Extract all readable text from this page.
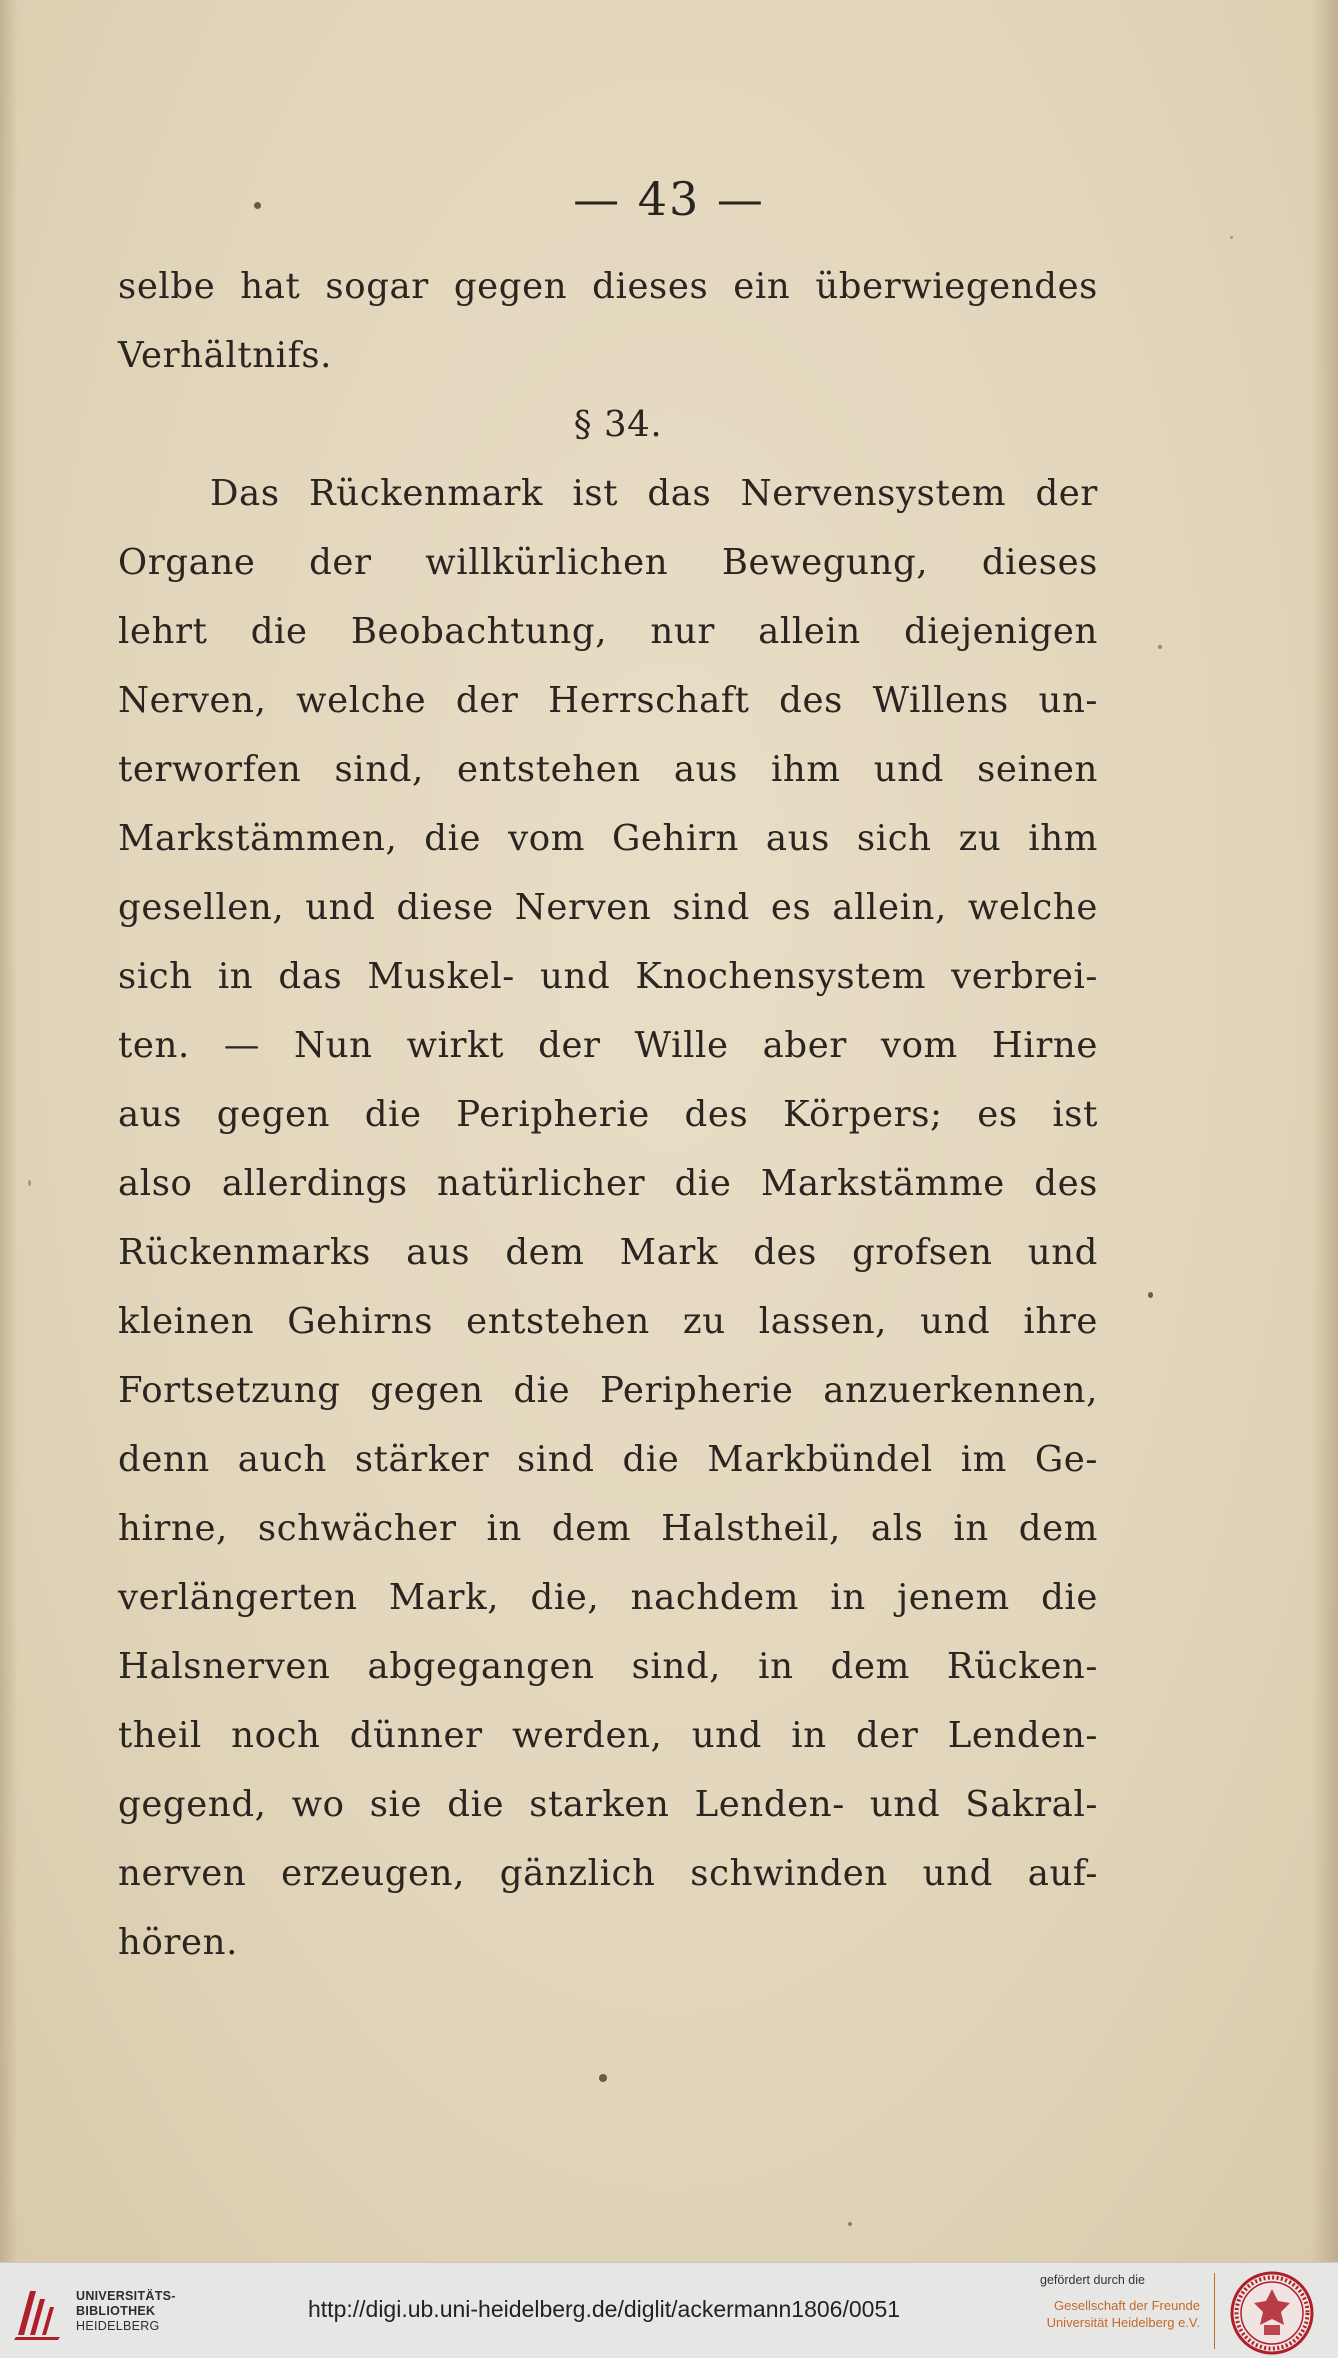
— 43 —
selbe hat sogar gegen dieses ein überwiegendes
Verhältnifs.
§ 34.
Das Rückenmark ist das Nervensystem der
Organe der willkürlichen Bewegung, dieses
lehrt die Beobachtung, nur allein diejenigen
Nerven, welche der Herrschaft des Willens un-
terworfen sind, entstehen aus ihm und seinen
Markstämmen, die vom Gehirn aus sich zu ihm
gesellen, und diese Nerven sind es allein, welche
sich in das Muskel- und Knochensystem verbrei-
ten. — Nun wirkt der Wille aber vom Hirne
aus gegen die Peripherie des Körpers; es ist
also allerdings natürlicher die Markstämme des
Rückenmarks aus dem Mark des grofsen und
kleinen Gehirns entstehen zu lassen, und ihre
Fortsetzung gegen die Peripherie anzuerkennen,
denn auch stärker sind die Markbündel im Ge-
hirne, schwächer in dem Halstheil, als in dem
verlängerten Mark, die, nachdem in jenem die
Halsnerven abgegangen sind, in dem Rücken-
theil noch dünner werden, und in der Lenden-
gegend, wo sie die starken Lenden- und Sakral-
nerven erzeugen, gänzlich schwinden und auf-
hören.
UNIVERSITÄTS-
BIBLIOTHEK
HEIDELBERG
http://digi.ub.uni-heidelberg.de/diglit/ackermann1806/0051
gefördert durch die
Gesellschaft der Freunde
Universität Heidelberg e.V.
